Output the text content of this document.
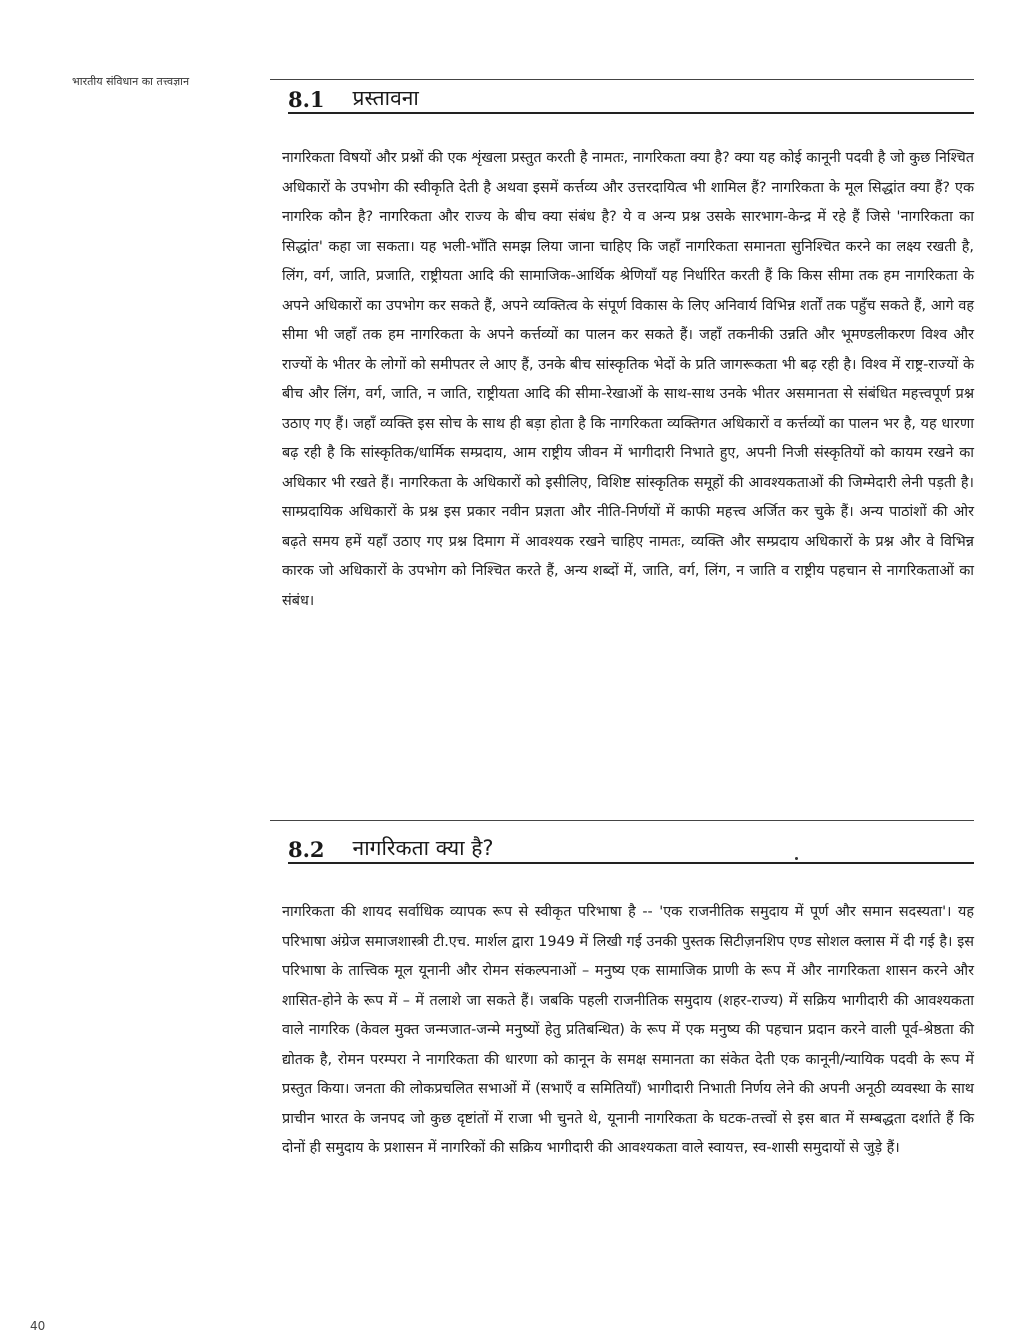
भारतीय संविधान का तत्त्वज्ञान
8.1 प्रस्तावना

नागरिकता विषयों और प्रश्नों की एक शृंखला प्रस्तुत करती है नामतः, नागरिकता क्या है? क्या यह कोई कानूनी पदवी है जो कुछ निश्चित अधिकारों के उपभोग की स्वीकृति देती है अथवा इसमें कर्त्तव्य और उत्तरदायित्व भी शामिल हैं? नागरिकता के मूल सिद्धांत क्या हैं? एक नागरिक कौन है? नागरिकता और राज्य के बीच क्या संबंध है? ये व अन्य प्रश्न उसके सारभाग-केन्द्र में रहे हैं जिसे 'नागरिकता का सिद्धांत' कहा जा सकता। यह भली-भाँति समझ लिया जाना चाहिए कि जहाँ नागरिकता समानता सुनिश्चित करने का लक्ष्य रखती है, लिंग, वर्ग, जाति, प्रजाति, राष्ट्रीयता आदि की सामाजिक-आर्थिक श्रेणियाँ यह निर्धारित करती हैं कि किस सीमा तक हम नागरिकता के अपने अधिकारों का उपभोग कर सकते हैं, अपने व्यक्तित्व के संपूर्ण विकास के लिए अनिवार्य विभिन्न शर्तों तक पहुँच सकते हैं, आगे वह सीमा भी जहाँ तक हम नागरिकता के अपने कर्त्तव्यों का पालन कर सकते हैं। जहाँ तकनीकी उन्नति और भूमण्डलीकरण विश्व और राज्यों के भीतर के लोगों को समीपतर ले आए हैं, उनके बीच सांस्कृतिक भेदों के प्रति जागरूकता भी बढ़ रही है। विश्व में राष्ट्र-राज्यों के बीच और लिंग, वर्ग, जाति, न जाति, राष्ट्रीयता आदि की सीमा-रेखाओं के साथ-साथ उनके भीतर असमानता से संबंधित महत्त्वपूर्ण प्रश्न उठाए गए हैं। जहाँ व्यक्ति इस सोच के साथ ही बड़ा होता है कि नागरिकता व्यक्तिगत अधिकारों व कर्त्तव्यों का पालन भर है, यह धारणा बढ़ रही है कि सांस्कृतिक/धार्मिक सम्प्रदाय, आम राष्ट्रीय जीवन में भागीदारी निभाते हुए, अपनी निजी संस्कृतियों को कायम रखने का अधिकार भी रखते हैं। नागरिकता के अधिकारों को इसीलिए, विशिष्ट सांस्कृतिक समूहों की आवश्यकताओं की जिम्मेदारी लेनी पड़ती है। साम्प्रदायिक अधिकारों के प्रश्न इस प्रकार नवीन प्रज्ञता और नीति-निर्णयों में काफी महत्त्व अर्जित कर चुके हैं। अन्य पाठांशों की ओर बढ़ते समय हमें यहाँ उठाए गए प्रश्न दिमाग में आवश्यक रखने चाहिए नामतः, व्यक्ति और सम्प्रदाय अधिकारों के प्रश्न और वे विभिन्न कारक जो अधिकारों के उपभोग को निश्चित करते हैं, अन्य शब्दों में, जाति, वर्ग, लिंग, न जाति व राष्ट्रीय पहचान से नागरिकताओं का संबंध।

8.2 नागरिकता क्या है?

नागरिकता की शायद सर्वाधिक व्यापक रूप से स्वीकृत परिभाषा है -- 'एक राजनीतिक समुदाय में पूर्ण और समान सदस्यता'। यह परिभाषा अंग्रेज समाजशास्त्री टी.एच. मार्शल द्वारा 1949 में लिखी गई उनकी पुस्तक सिटीज़नशिप एण्ड सोशल क्लास में दी गई है। इस परिभाषा के तात्त्विक मूल यूनानी और रोमन संकल्पनाओं – मनुष्य एक सामाजिक प्राणी के रूप में और नागरिकता शासन करने और शासित-होने के रूप में – में तलाशे जा सकते हैं। जबकि पहली राजनीतिक समुदाय (शहर-राज्य) में सक्रिय भागीदारी की आवश्यकता वाले नागरिक (केवल मुक्त जन्मजात-जन्मे मनुष्यों हेतु प्रतिबन्धित) के रूप में एक मनुष्य की पहचान प्रदान करने वाली पूर्व-श्रेष्ठता की द्योतक है, रोमन परम्परा ने नागरिकता की धारणा को कानून के समक्ष समानता का संकेत देती एक कानूनी/न्यायिक पदवी के रूप में प्रस्तुत किया। जनता की लोकप्रचलित सभाओं में (सभाएँ व समितियाँ) भागीदारी निभाती निर्णय लेने की अपनी अनूठी व्यवस्था के साथ प्राचीन भारत के जनपद जो कुछ दृष्टांतों में राजा भी चुनते थे, यूनानी नागरिकता के घटक-तत्त्वों से इस बात में सम्बद्धता दर्शाते हैं कि दोनों ही समुदाय के प्रशासन में नागरिकों की सक्रिय भागीदारी की आवश्यकता वाले स्वायत्त, स्व-शासी समुदायों से जुड़े हैं।

40
